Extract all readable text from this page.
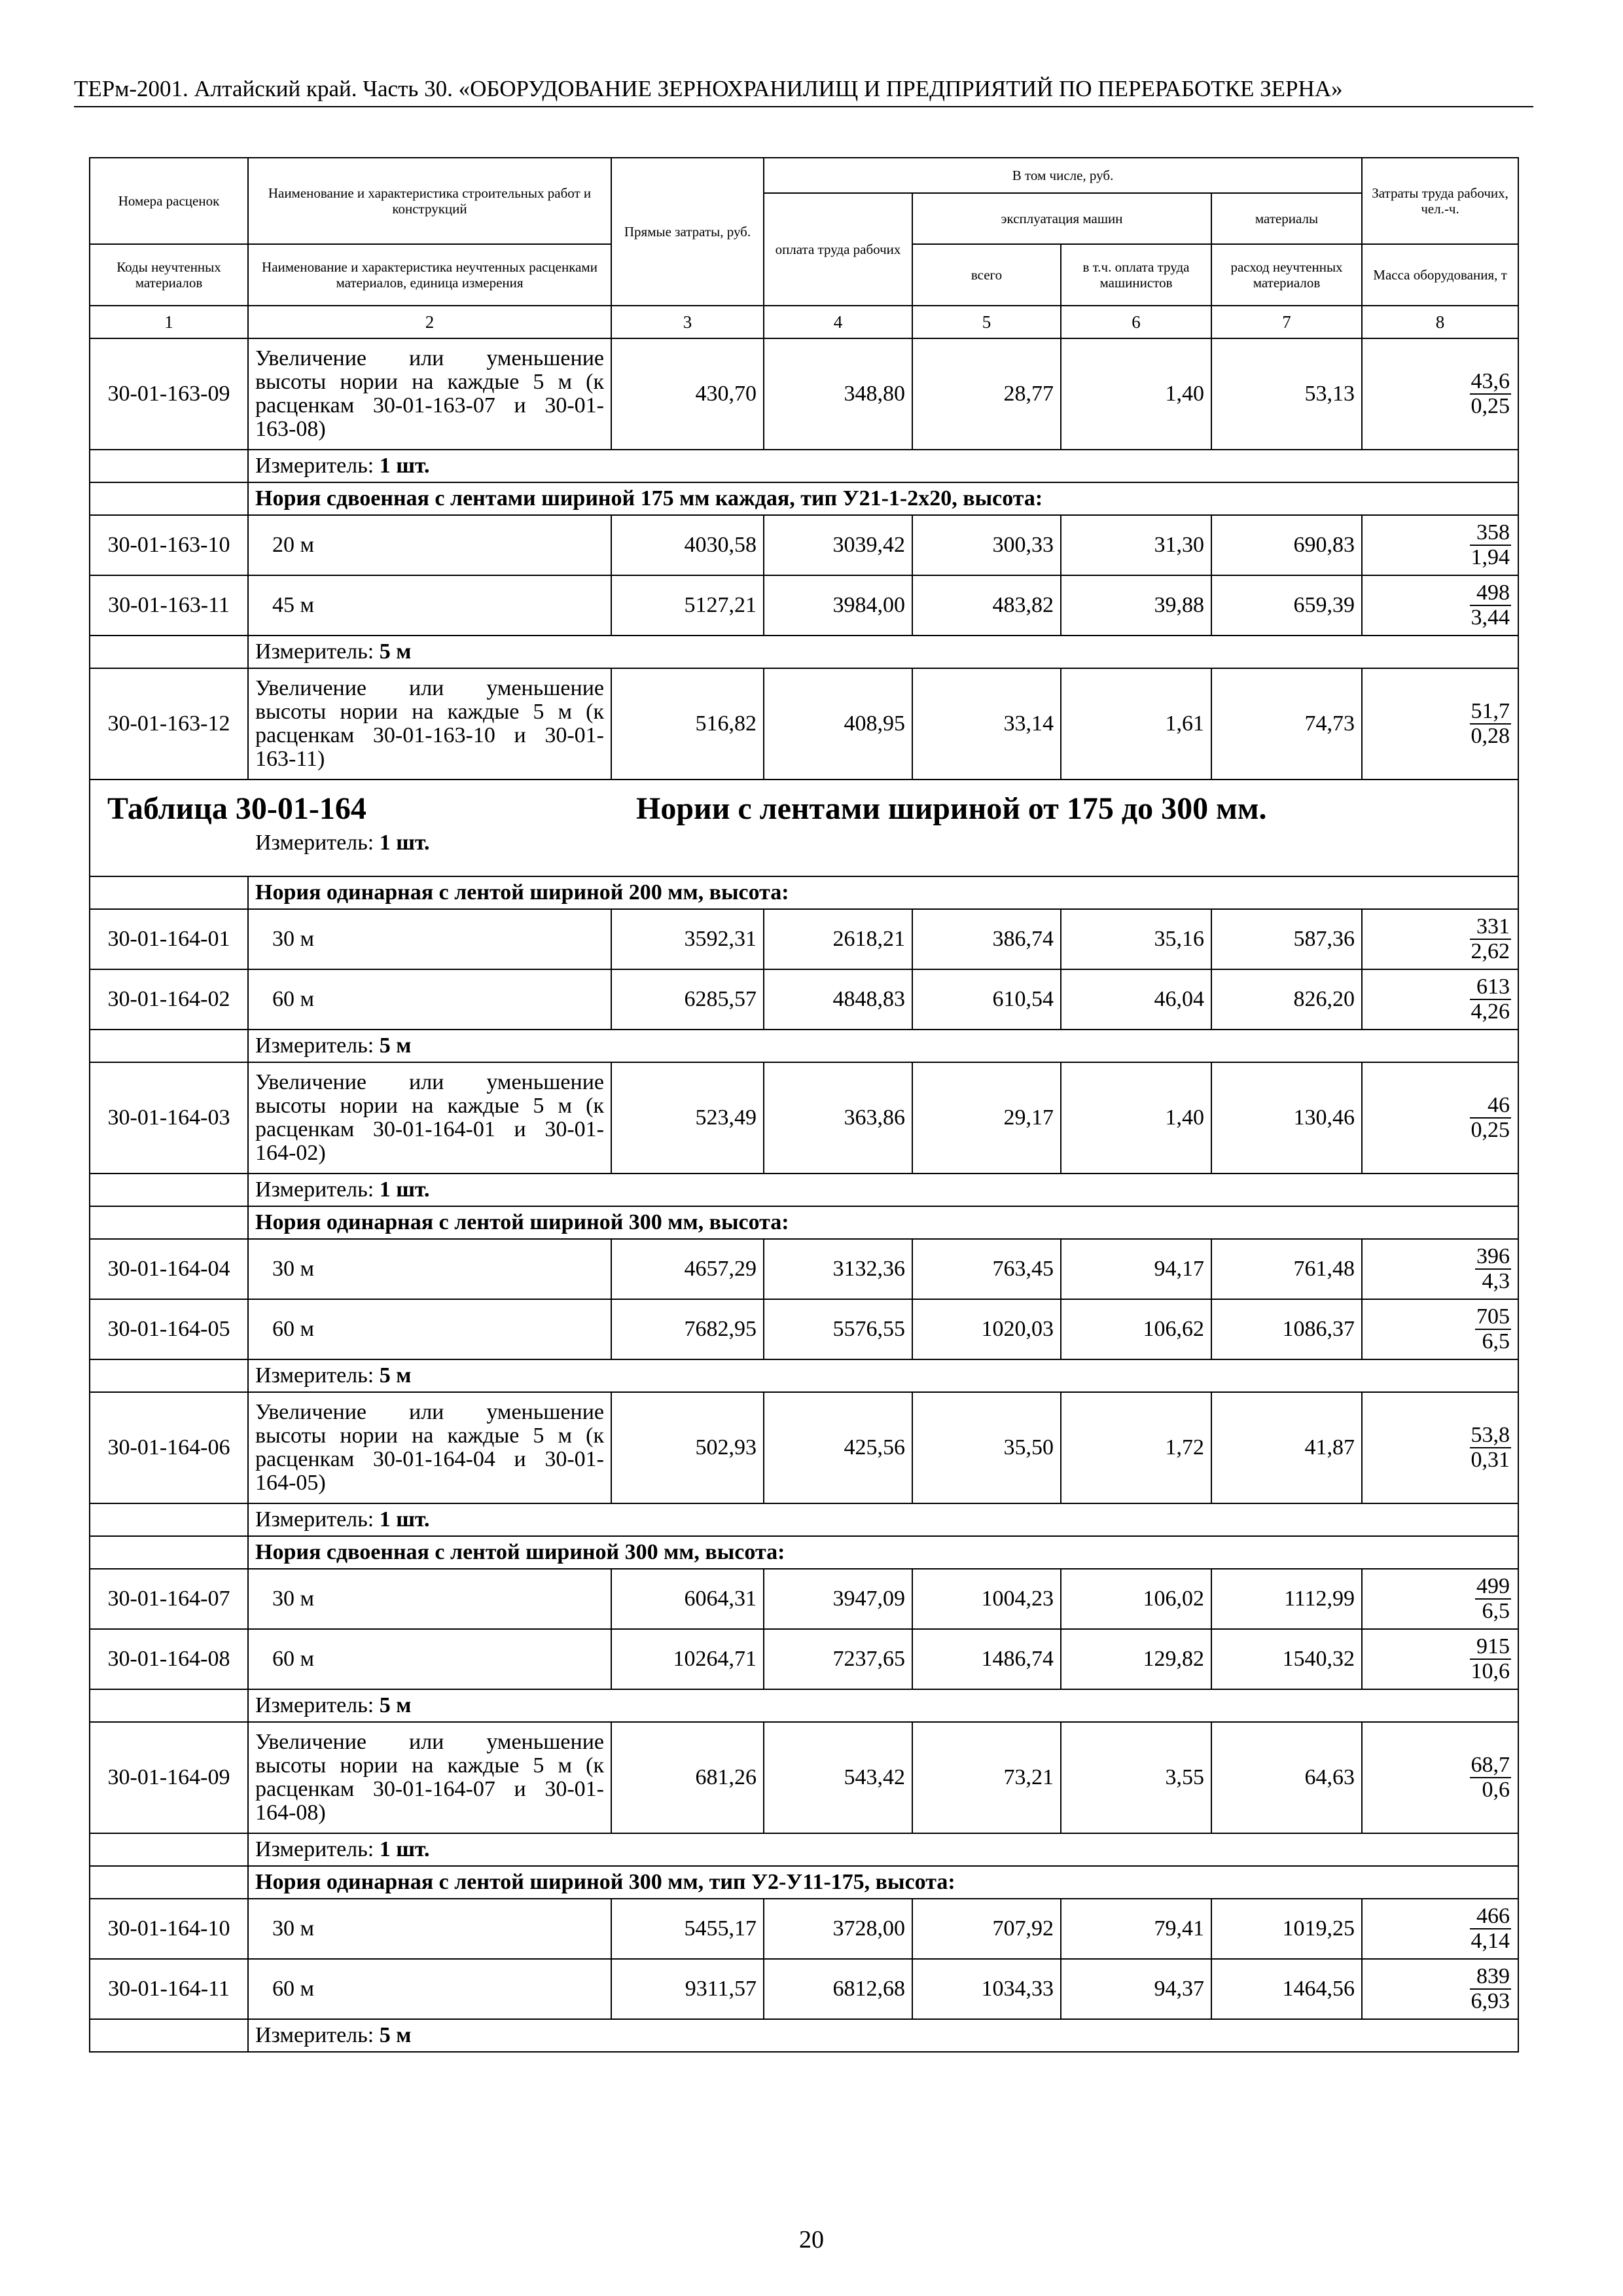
ТЕРм-2001. Алтайский край. Часть 30. «ОБОРУДОВАНИЕ ЗЕРНОХРАНИЛИЩ И ПРЕДПРИЯТИЙ ПО ПЕРЕРАБОТКЕ ЗЕРНА»
Номера расценок	Наименование и характеристика строительных работ и конструкций	Прямые затраты, руб.	В том числе, руб.				Затраты труда рабочих, чел.-ч.
			оплата труда рабочих	эксплуатация машин		материалы	
Коды неучтенных материалов	Наименование и характеристика неучтенных расценками материалов, единица измерения			всего	в т.ч. оплата труда машинистов	расход неучтенных материалов	Масса оборудования, т
1	2	3	4	5	6	7	8
30-01-163-09	Увеличение или уменьшение высоты нории на каждые 5 м (к расценкам 30-01-163-07 и 30-01-163-08)	430,70	348,80	28,77	1,40	53,13	$\frac{43,6}{0,25}$

	Измеритель: 1 шт.						
	Нория сдвоенная с лентами шириной 175 мм каждая, тип У21-1-2х20, высота:						
30-01-163-10	20 м	4030,58	3039,42	300,33	31,30	690,83	$\frac{358}{1,94}$

30-01-163-11	45 м	5127,21	3984,00	483,82	39,88	659,39	$\frac{498}{3,44}$

	Измеритель: 5 м						
30-01-163-12	Увеличение или уменьшение высоты нории на каждые 5 м (к расценкам 30-01-163-10 и 30-01-163-11)	516,82	408,95	33,14	1,61	74,73	$\frac{51,7}{0,28}$

Таблица 30-01-164 Нории с лентами шириной от 175 до 300 мм.
Измеритель: 1 шт.							

	Нория одинарная с лентой шириной 200 мм, высота:						
30-01-164-01	30 м	3592,31	2618,21	386,74	35,16	587,36	$\frac{331}{2,62}$

30-01-164-02	60 м	6285,57	4848,83	610,54	46,04	826,20	$\frac{613}{4,26}$

	Измеритель: 5 м						
30-01-164-03	Увеличение или уменьшение высоты нории на каждые 5 м (к расценкам 30-01-164-01 и 30-01-164-02)	523,49	363,86	29,17	1,40	130,46	$\frac{46}{0,25}$

	Измеритель: 1 шт.						
	Нория одинарная с лентой шириной 300 мм, высота:						
30-01-164-04	30 м	4657,29	3132,36	763,45	94,17	761,48	$\frac{396}{4,3}$

30-01-164-05	60 м	7682,95	5576,55	1020,03	106,62	1086,37	$\frac{705}{6,5}$

	Измеритель: 5 м						
30-01-164-06	Увеличение или уменьшение высоты нории на каждые 5 м (к расценкам 30-01-164-04 и 30-01-164-05)	502,93	425,56	35,50	1,72	41,87	$\frac{53,8}{0,31}$

	Измеритель: 1 шт.						
	Нория сдвоенная с лентой шириной 300 мм, высота:						
30-01-164-07	30 м	6064,31	3947,09	1004,23	106,02	1112,99	$\frac{499}{6,5}$

30-01-164-08	60 м	10264,71	7237,65	1486,74	129,82	1540,32	$\frac{915}{10,6}$

	Измеритель: 5 м						
30-01-164-09	Увеличение или уменьшение высоты нории на каждые 5 м (к расценкам 30-01-164-07 и 30-01-164-08)	681,26	543,42	73,21	3,55	64,63	$\frac{68,7}{0,6}$

	Измеритель: 1 шт.						
	Нория одинарная с лентой шириной 300 мм, тип У2-У11-175, высота:						
30-01-164-10	30 м	5455,17	3728,00	707,92	79,41	1019,25	$\frac{466}{4,14}$

30-01-164-11	60 м	9311,57	6812,68	1034,33	94,37	1464,56	$\frac{839}{6,93}$

	Измеритель: 5 м						
20
